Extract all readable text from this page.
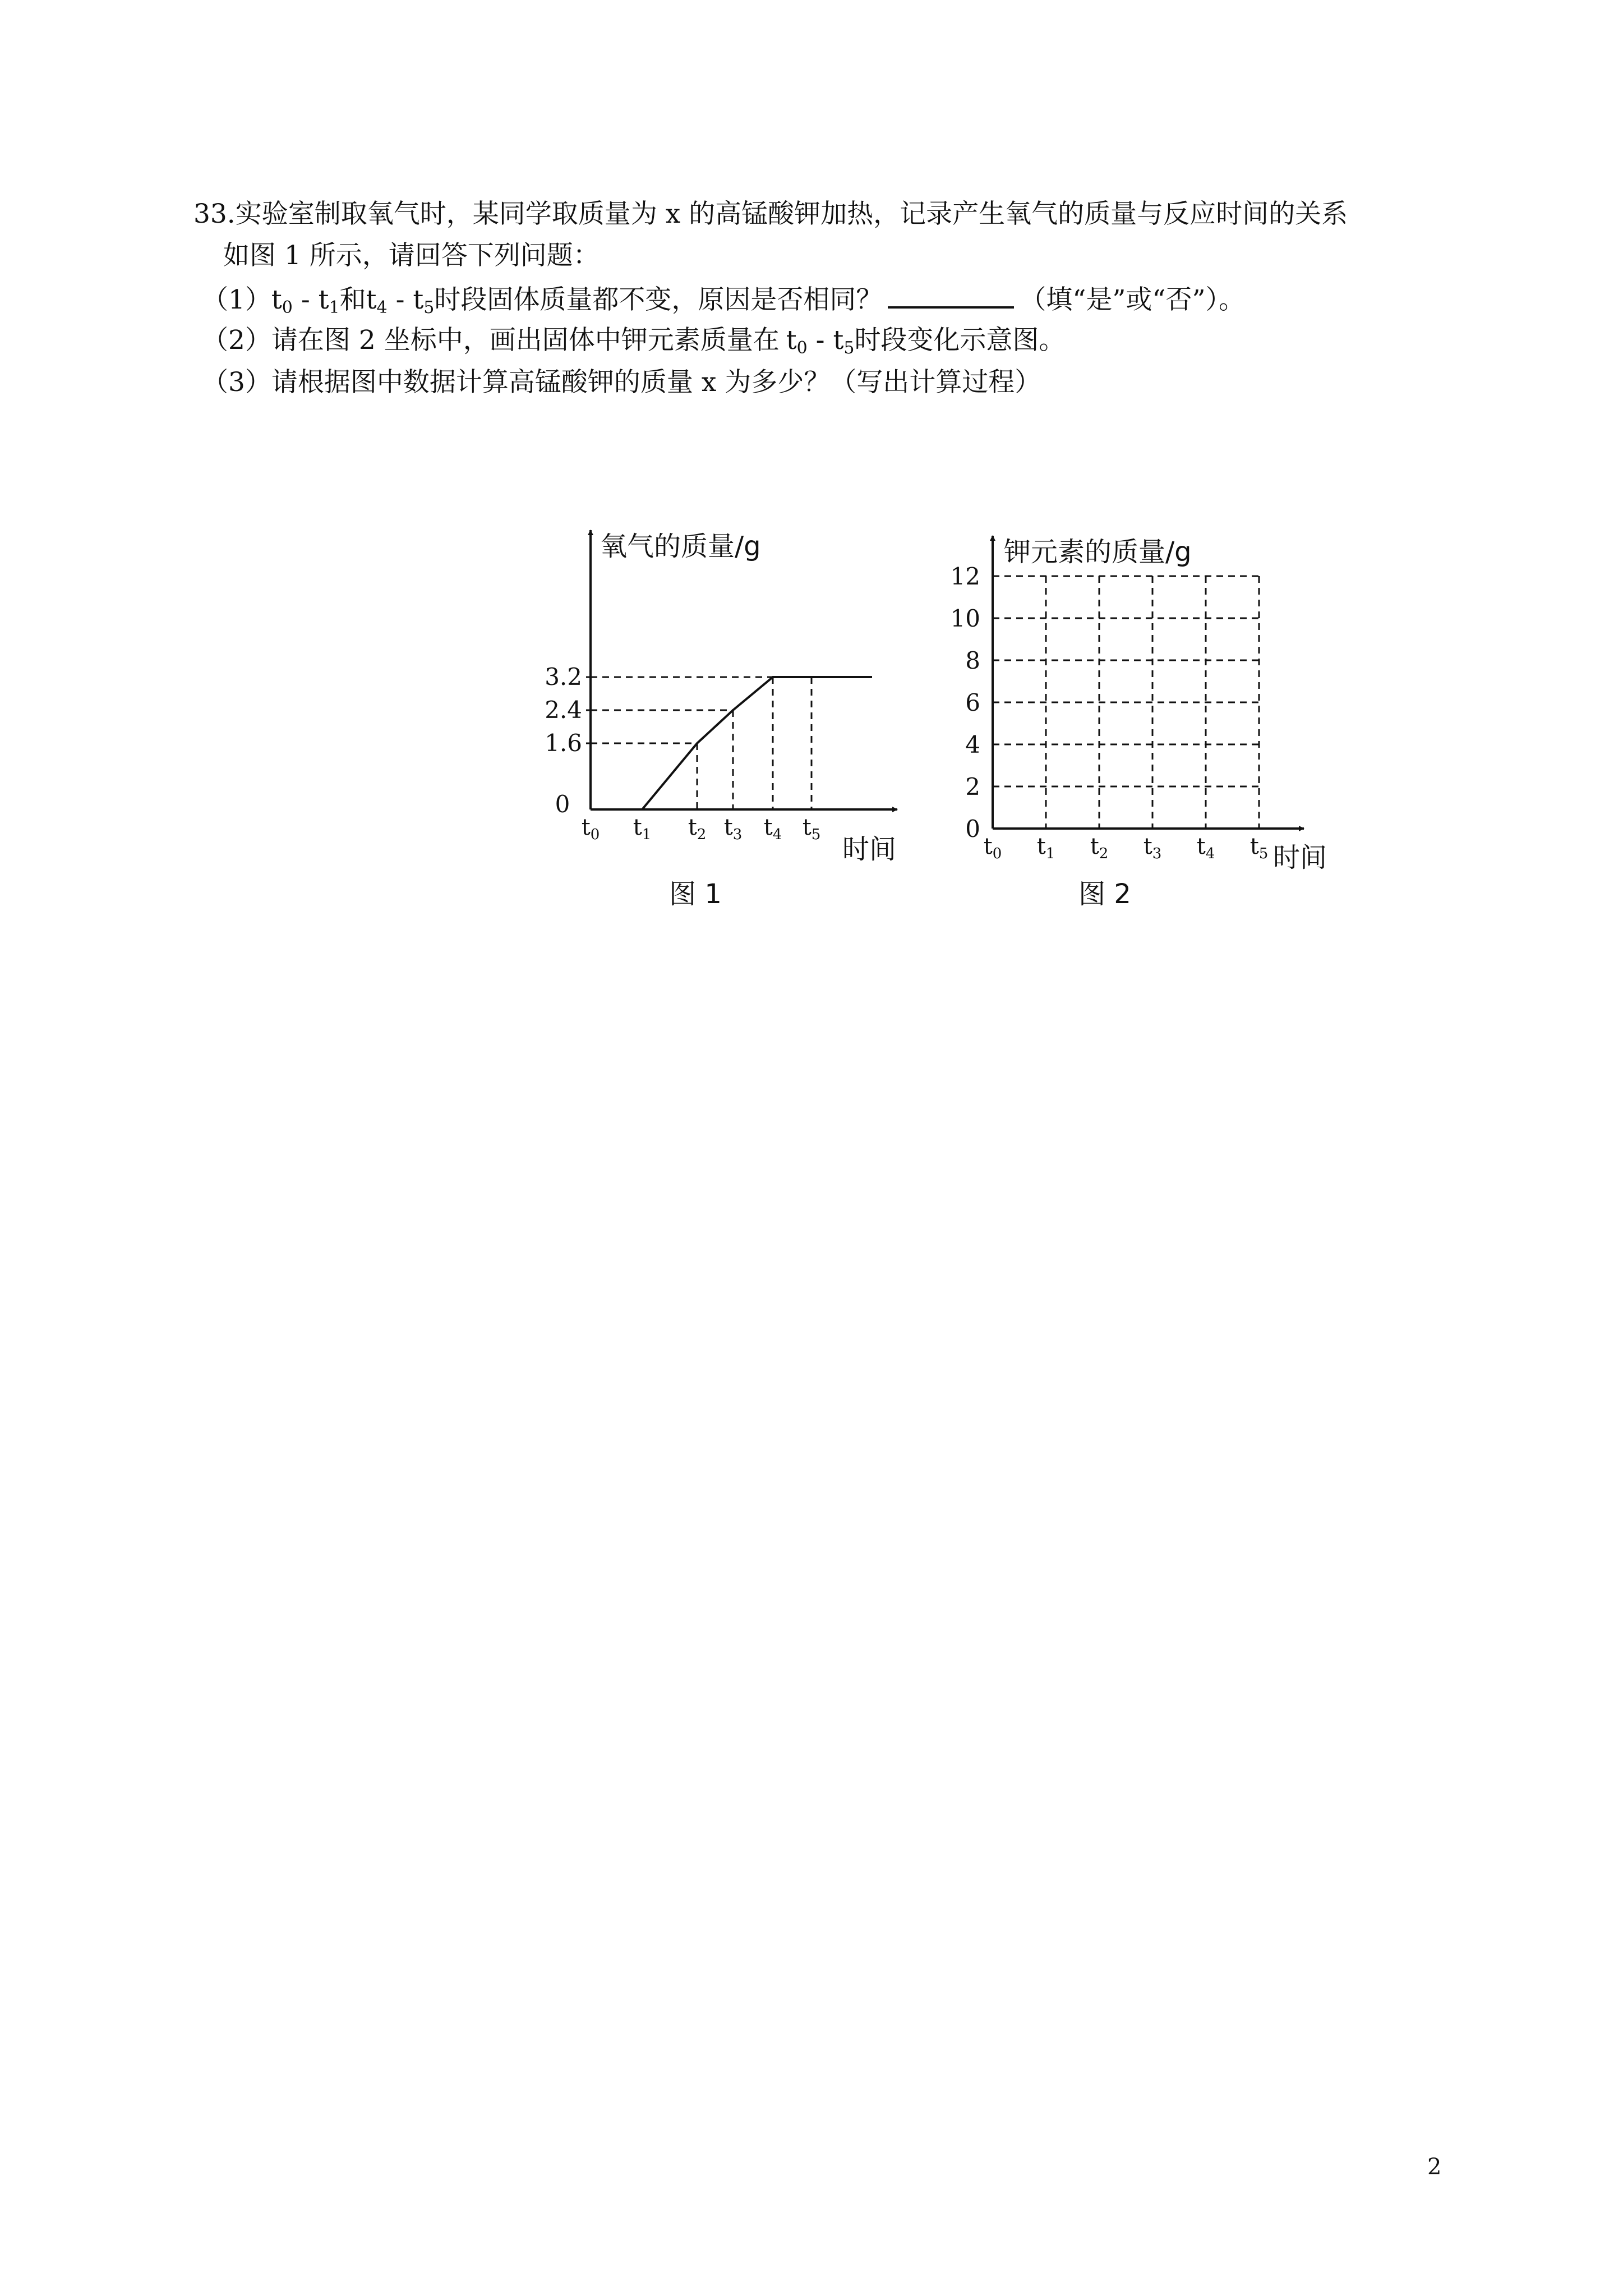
33.实验室制取氧气时，某同学取质量为 x 的高锰酸钾加热，记录产生氧气的质量与反应时间的关系
如图 1 所示，请回答下列问题：
$(1)t_0 - t_1$和$t_4 - t_5$时段固体质量都不变，原因是否相同？	（填“是”或“否”）。
（2）请在图 2 坐标中，画出固体中钾元素质量在 $t_0 - t_5$时段变化示意图。
（3）请根据图中数据计算高锰酸钾的质量 x 为多少？（写出计算过程）
0
1.6
2.4
3.2
$t_0$ $t_1$ $t_2$ $t_3$ $t_4$ $t_5$
氧气的质量/g
时间
图 1
0
2
4
6
8
10
12
$t_0$ $t_1$ $t_2$ $t_3$ $t_4$ $t_5$
钾元素的质量/g
时间
图 2
2
